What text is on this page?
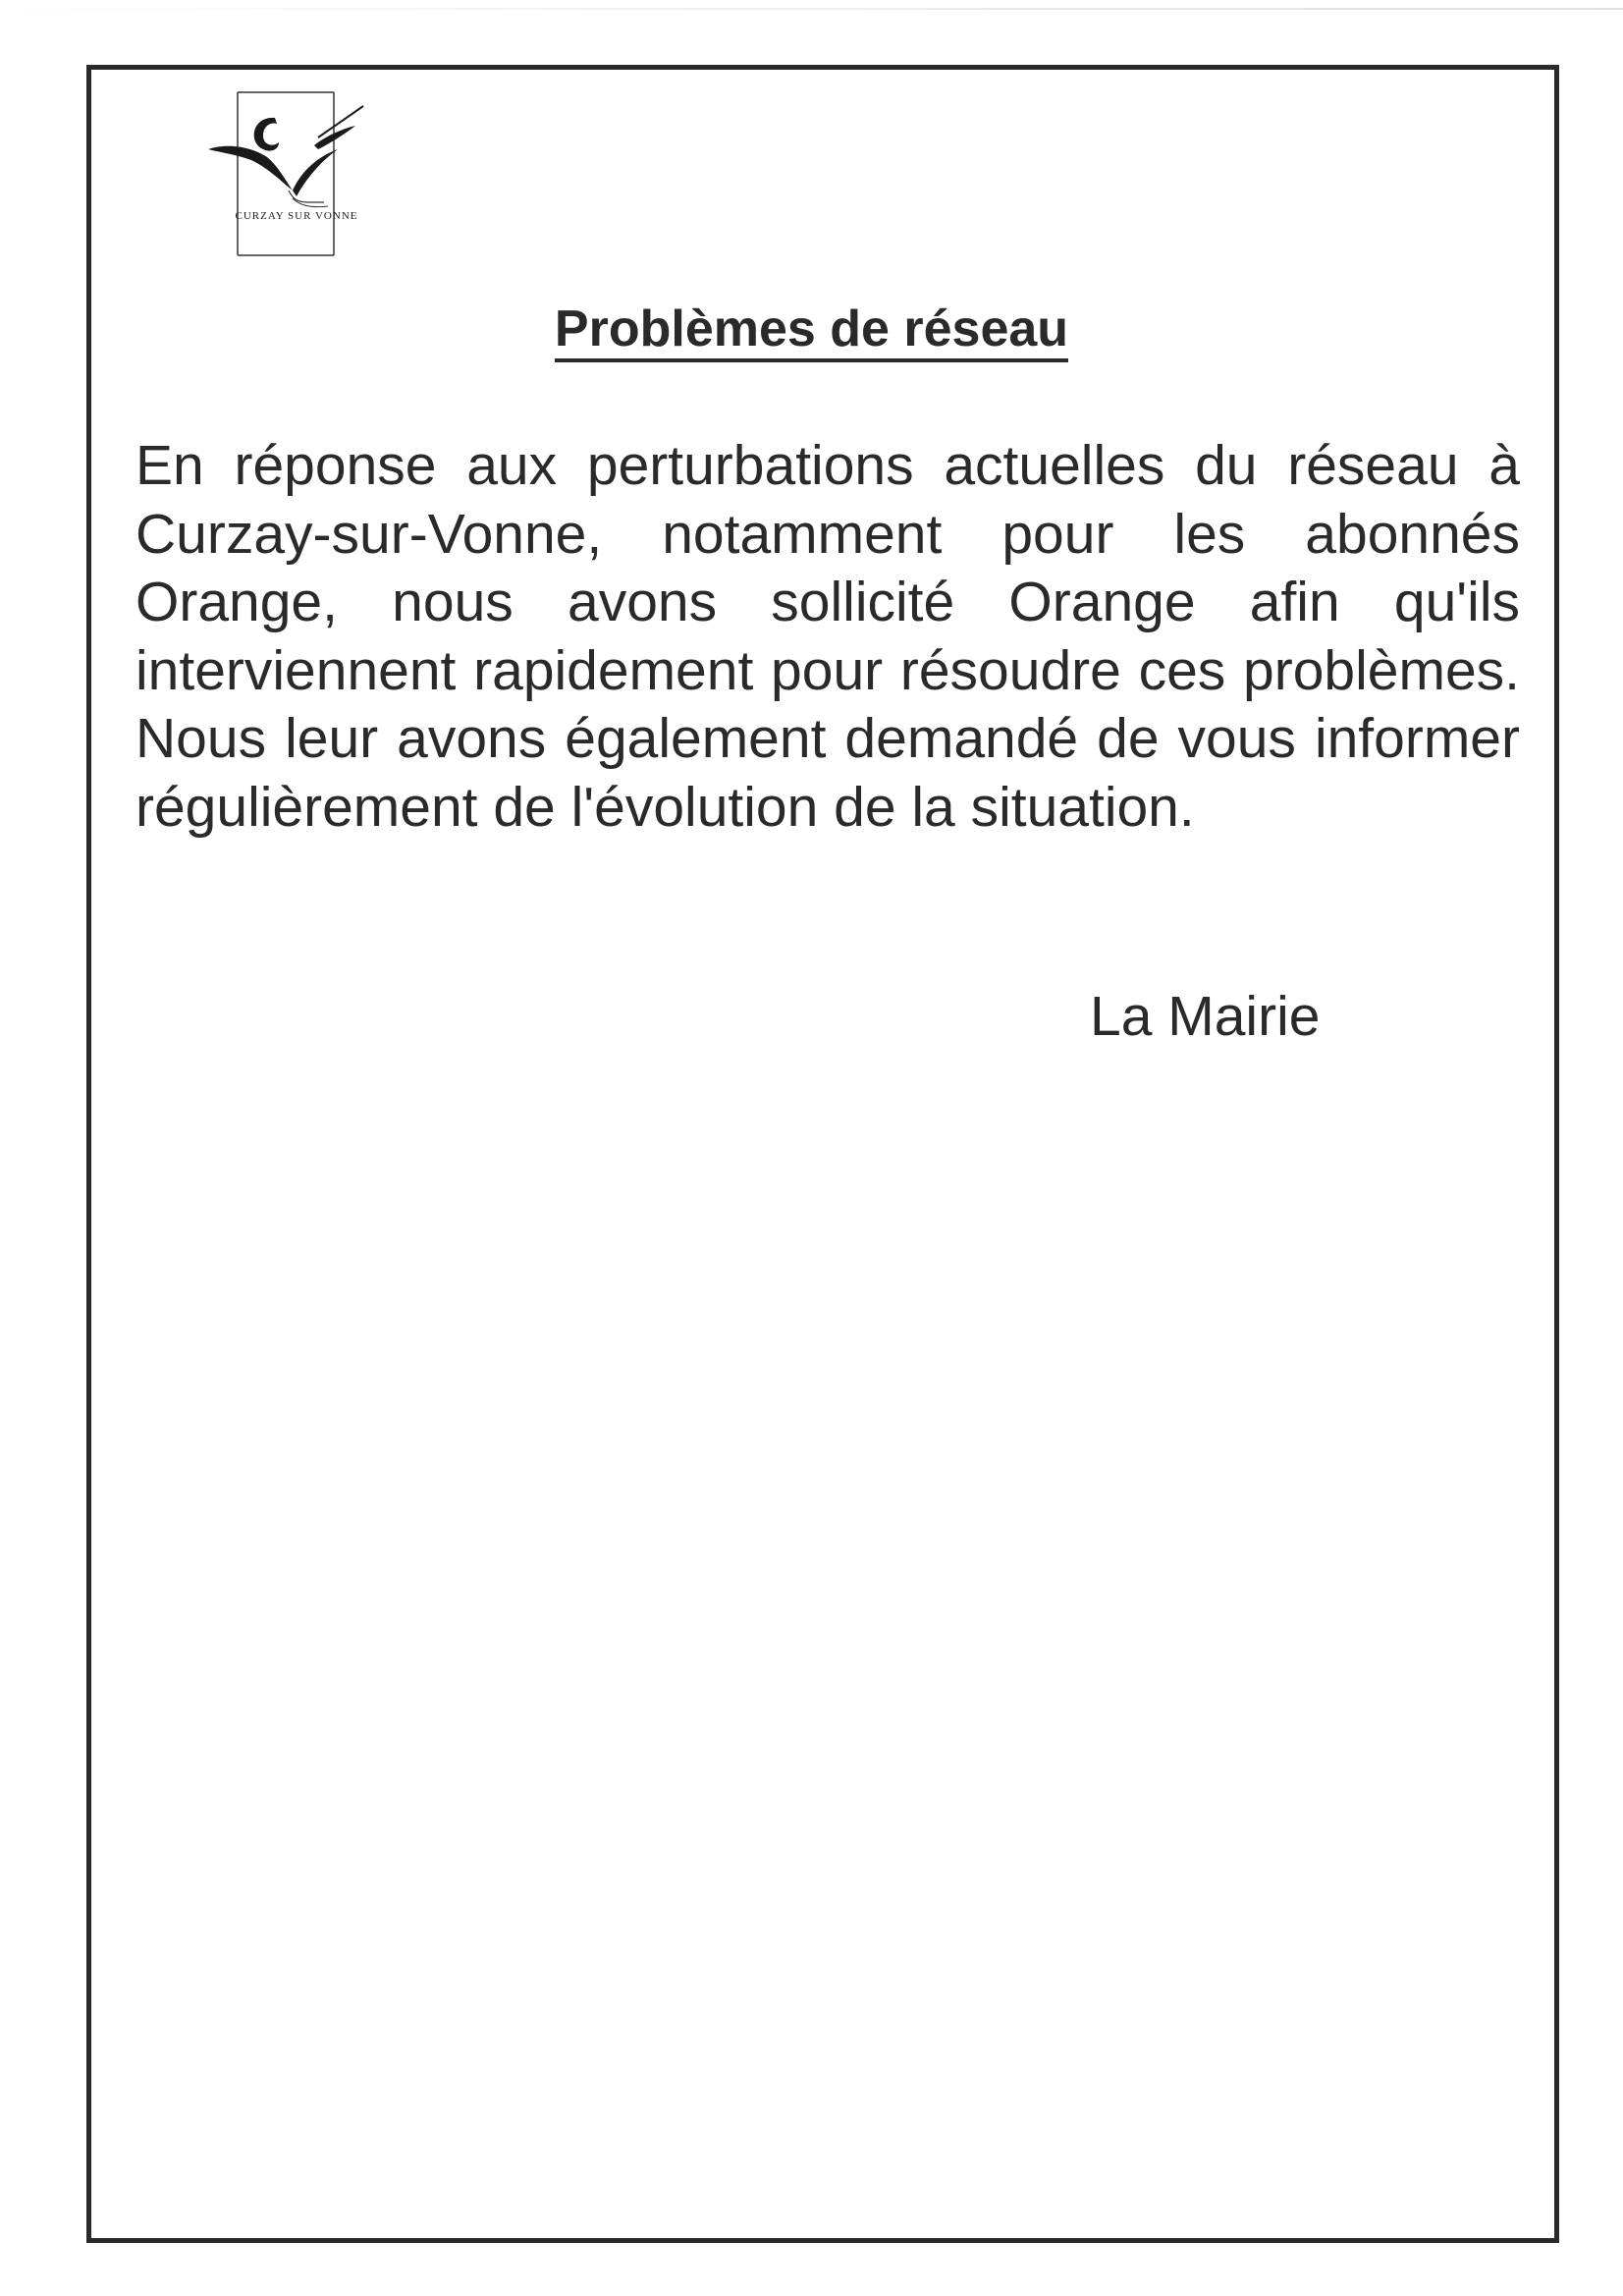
CURZAY SUR VONNE
Problèmes de réseau
En réponse aux perturbations actuelles du réseau à Curzay-sur-Vonne, notamment pour les abonnés Orange, nous avons sollicité Orange afin qu'ils interviennent rapidement pour résoudre ces problèmes. Nous leur avons également demandé de vous informer régulièrement de l'évolution de la situation.
La Mairie
